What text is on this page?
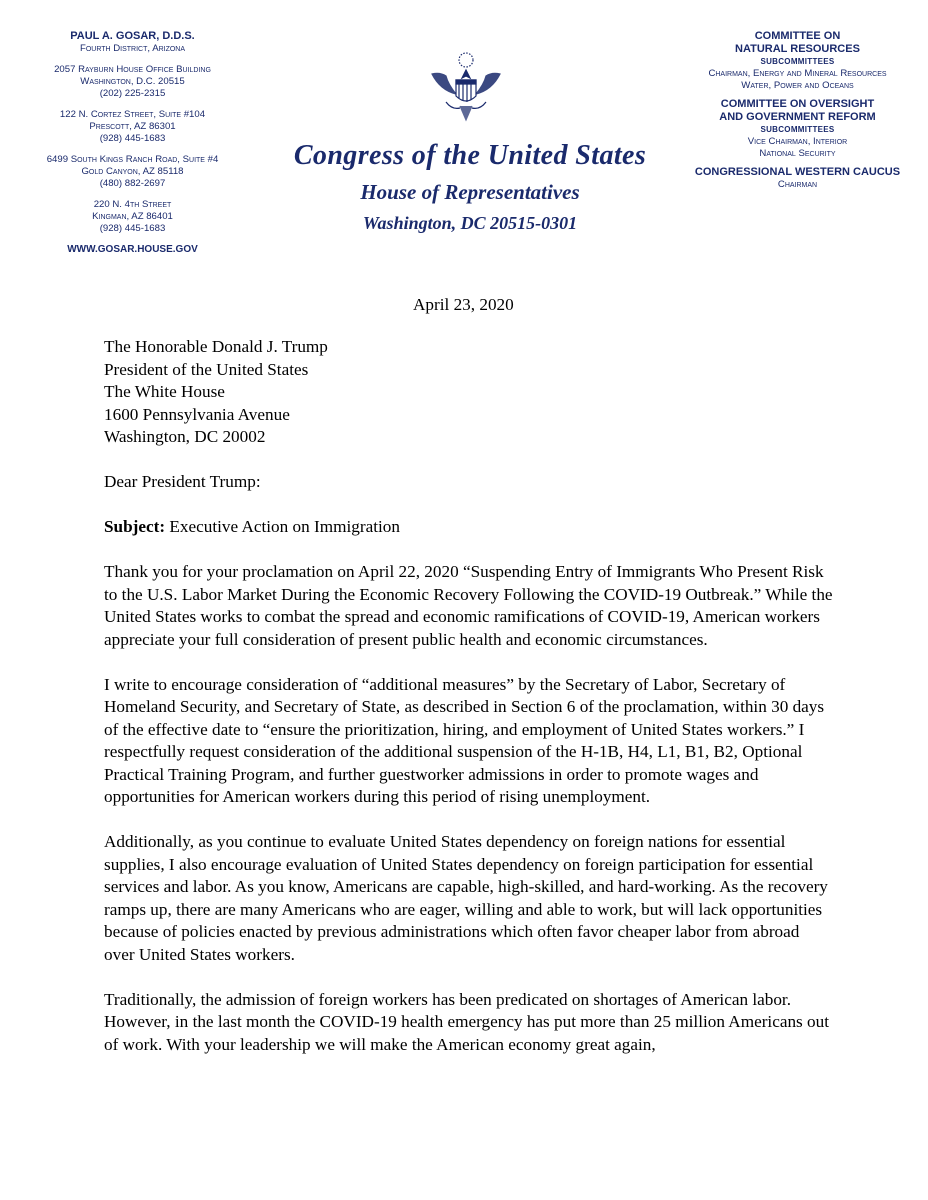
PAUL A. GOSAR, D.D.S.
Fourth District, Arizona
2057 Rayburn House Office Building
Washington, D.C. 20515
(202) 225-2315
122 N. Cortez Street, Suite #104
Prescott, AZ 86301
(928) 445-1683
6499 South Kings Ranch Road, Suite #4
Gold Canyon, AZ 85118
(480) 882-2697
220 N. 4th Street
Kingman, AZ 86401
(928) 445-1683
WWW.GOSAR.HOUSE.GOV
Congress of the United States
House of Representatives
Washington, DC 20515-0301
COMMITTEE ON
NATURAL RESOURCES
SUBCOMMITTEES
Chairman, Energy and Mineral Resources
Water, Power and Oceans
COMMITTEE ON OVERSIGHT
AND GOVERNMENT REFORM
SUBCOMMITTEES
Vice Chairman, Interior
National Security
CONGRESSIONAL WESTERN CAUCUS
Chairman
April 23, 2020

The Honorable Donald J. Trump
President of the United States
The White House
1600 Pennsylvania Avenue
Washington, DC 20002

Dear President Trump:

Subject: Executive Action on Immigration

Thank you for your proclamation on April 22, 2020 “Suspending Entry of Immigrants Who Present Risk to the U.S. Labor Market During the Economic Recovery Following the COVID-19 Outbreak.” While the United States works to combat the spread and economic ramifications of COVID-19, American workers appreciate your full consideration of present public health and economic circumstances.

I write to encourage consideration of “additional measures” by the Secretary of Labor, Secretary of Homeland Security, and Secretary of State, as described in Section 6 of the proclamation, within 30 days of the effective date to “ensure the prioritization, hiring, and employment of United States workers.” I respectfully request consideration of the additional suspension of the H-1B, H4, L1, B1, B2, Optional Practical Training Program, and further guestworker admissions in order to promote wages and opportunities for American workers during this period of rising unemployment.

Additionally, as you continue to evaluate United States dependency on foreign nations for essential supplies, I also encourage evaluation of United States dependency on foreign participation for essential services and labor. As you know, Americans are capable, high-skilled, and hard-working. As the recovery ramps up, there are many Americans who are eager, willing and able to work, but will lack opportunities because of policies enacted by previous administrations which often favor cheaper labor from abroad over United States workers.

Traditionally, the admission of foreign workers has been predicated on shortages of American labor. However, in the last month the COVID-19 health emergency has put more than 25 million Americans out of work. With your leadership we will make the American economy great again,
